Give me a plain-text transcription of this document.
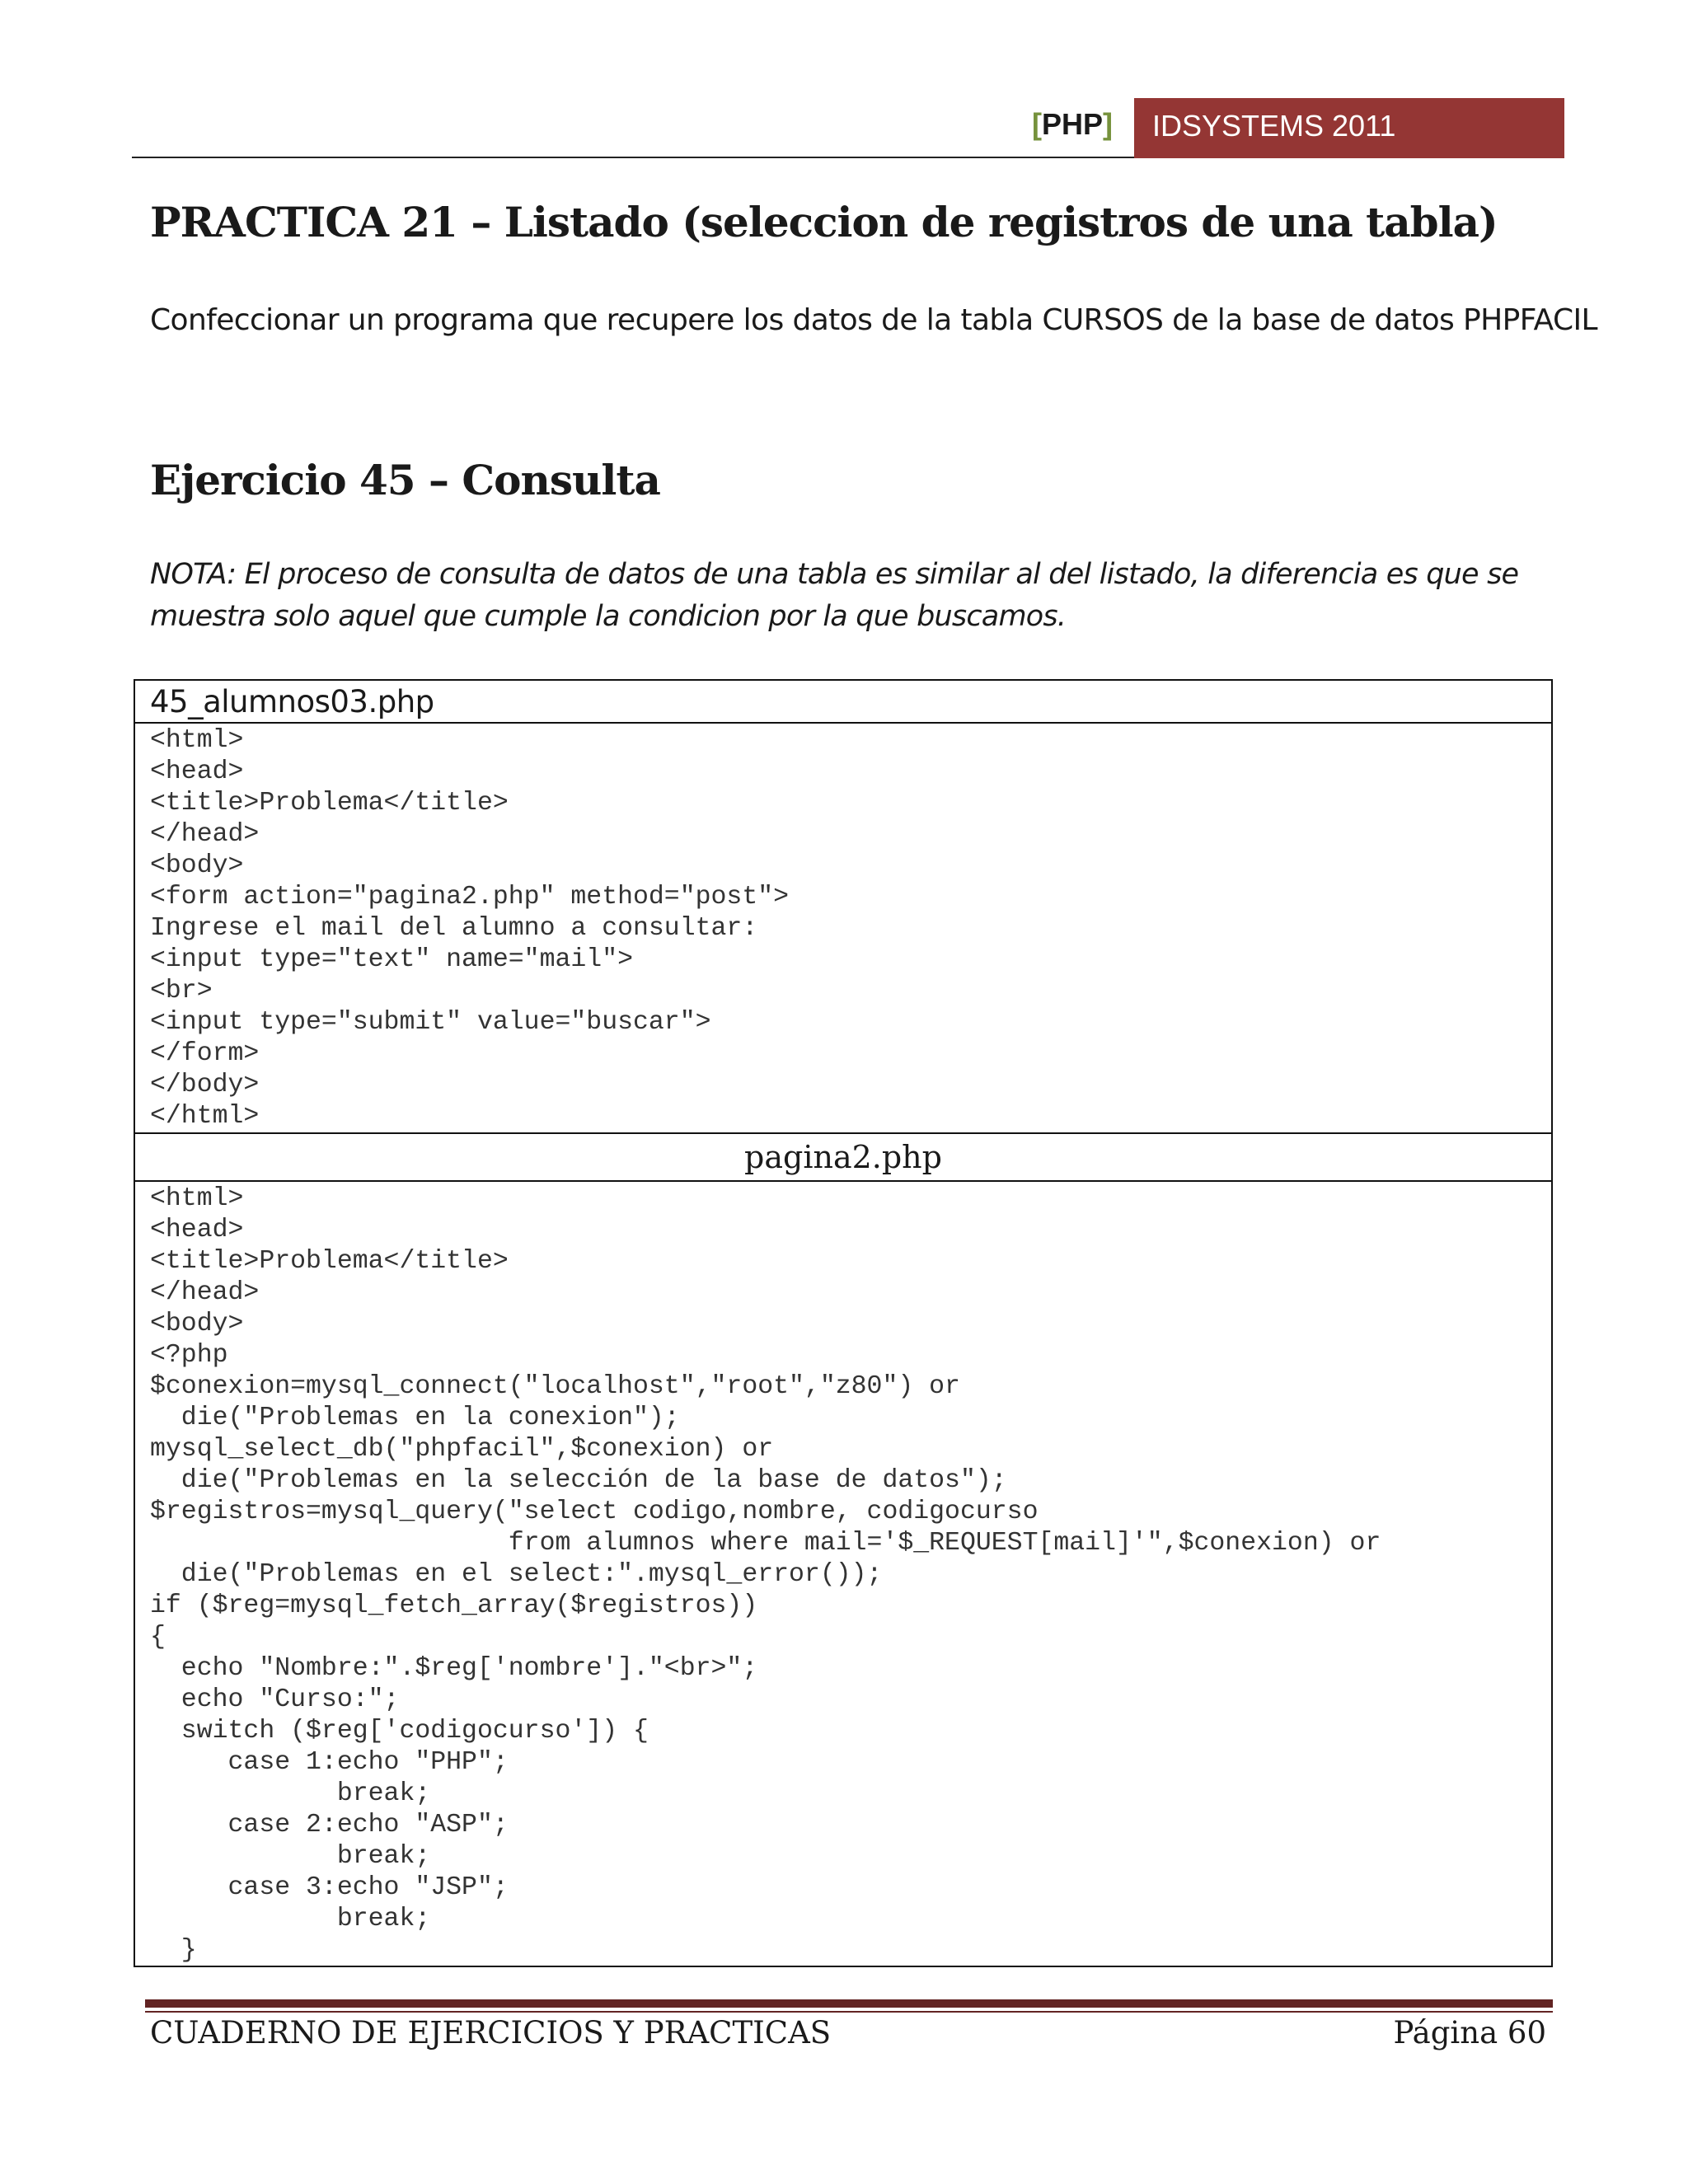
[PHP]	IDSYSTEMS 2011
PRACTICA 21 – Listado (seleccion de registros de una tabla)

Confeccionar un programa que recupere los datos de la tabla CURSOS de la base de datos PHPFACIL

Ejercicio 45 – Consulta

NOTA: El proceso de consulta de datos de una tabla es similar al del listado, la diferencia es que se muestra solo aquel que cumple la condicion por la que buscamos.

45_alumnos03.php
<html>
<head>
<title>Problema</title>
</head>
<body>
<form action="pagina2.php" method="post">
Ingrese el mail del alumno a consultar:
<input type="text" name="mail">
<br>
<input type="submit" value="buscar">
</form>
</body>
</html>
pagina2.php
<html>
<head>
<title>Problema</title>
</head>
<body>
<?php
$conexion=mysql_connect("localhost","root","z80") or
die("Problemas en la conexion");
mysql_select_db("phpfacil",$conexion) or
die("Problemas en la selección de la base de datos");
$registros=mysql_query("select codigo,nombre, codigocurso
from alumnos where mail='$_REQUEST[mail]'",$conexion) or
die("Problemas en el select:".mysql_error());
if ($reg=mysql_fetch_array($registros))
{
echo "Nombre:".$reg['nombre']."<br>";
echo "Curso:";
switch ($reg['codigocurso']) {
case 1:echo "PHP";
break;
case 2:echo "ASP";
break;
case 3:echo "JSP";
break;
}
CUADERNO DE EJERCICIOS Y PRACTICAS	Página 60
